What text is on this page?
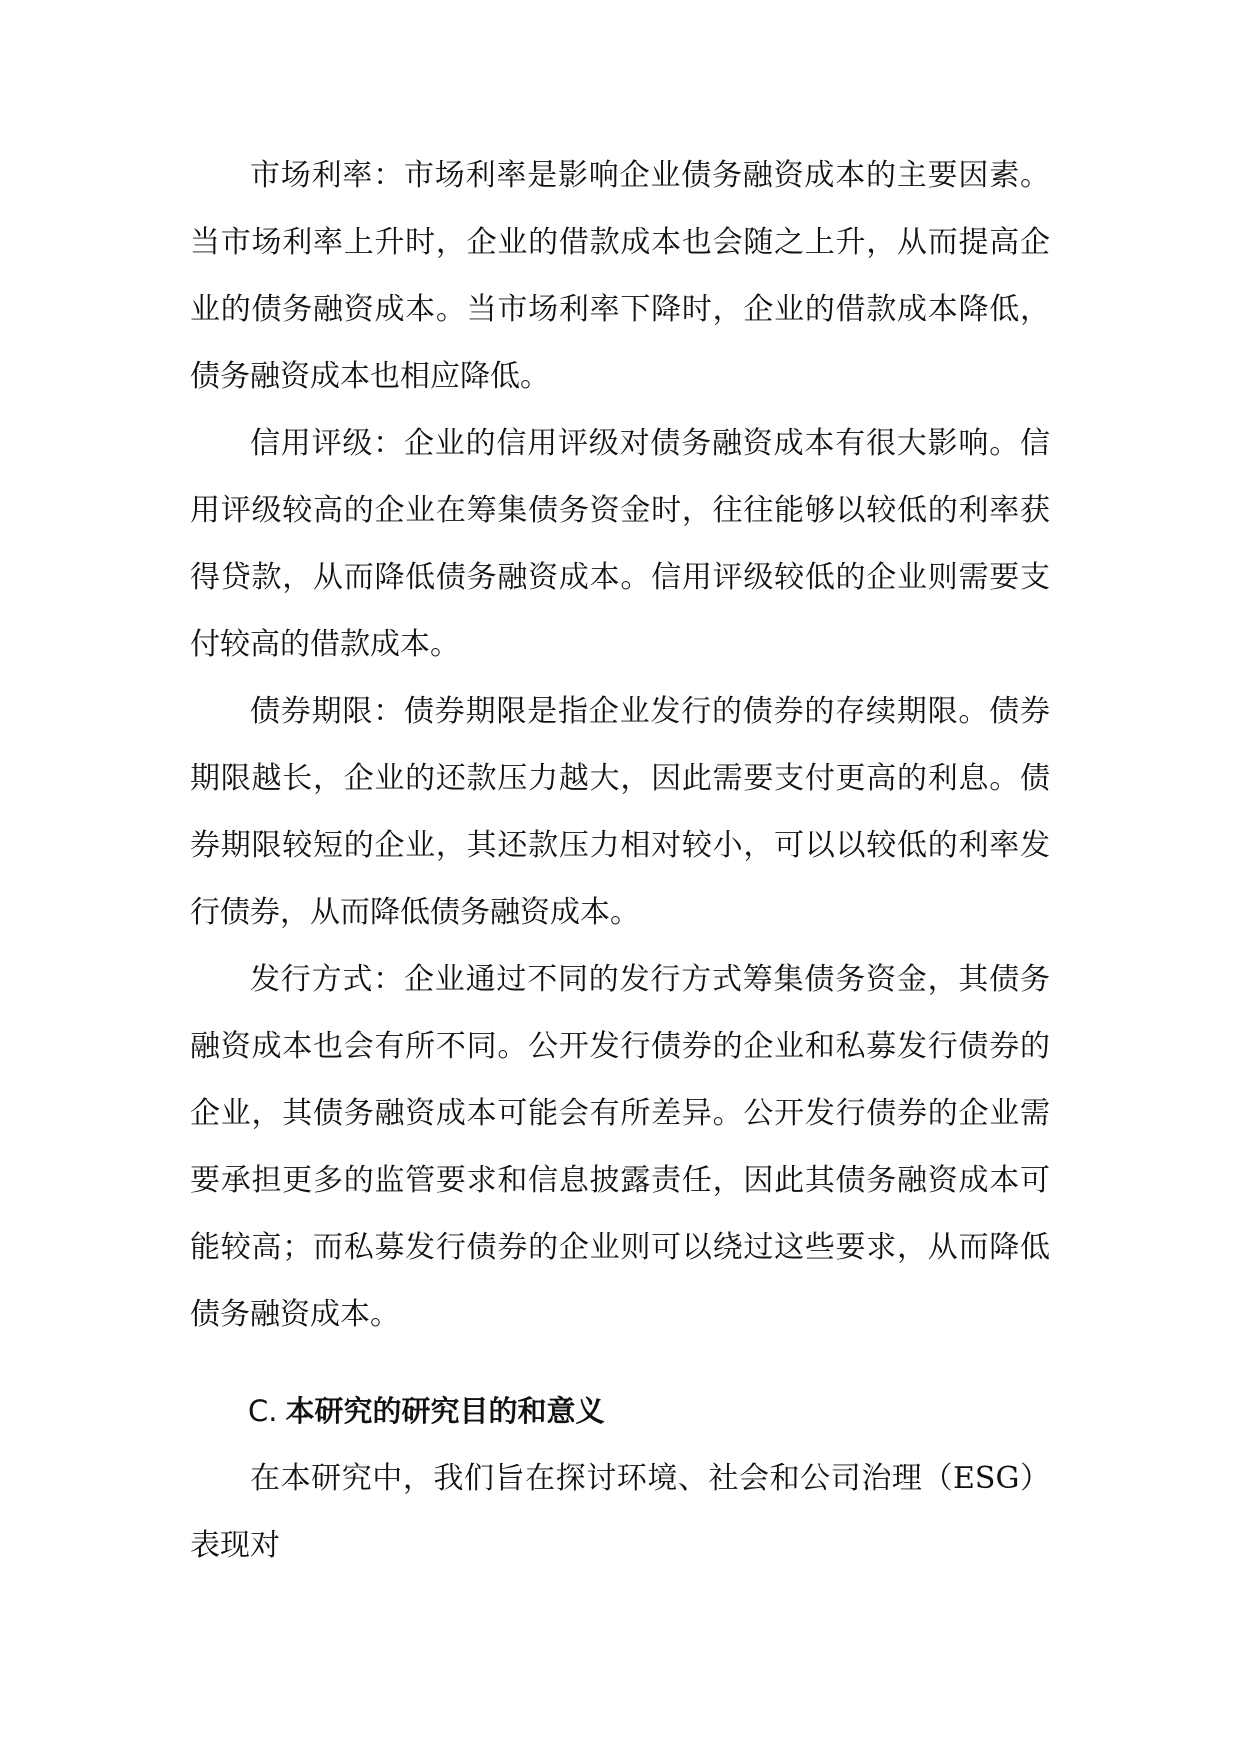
市场利率：市场利率是影响企业债务融资成本的主要因素。当市场利率上升时，企业的借款成本也会随之上升，从而提高企业的债务融资成本。当市场利率下降时，企业的借款成本降低，债务融资成本也相应降低。

信用评级：企业的信用评级对债务融资成本有很大影响。信用评级较高的企业在筹集债务资金时，往往能够以较低的利率获得贷款，从而降低债务融资成本。信用评级较低的企业则需要支付较高的借款成本。

债券期限：债券期限是指企业发行的债券的存续期限。债券期限越长，企业的还款压力越大，因此需要支付更高的利息。债券期限较短的企业，其还款压力相对较小，可以以较低的利率发行债券，从而降低债务融资成本。

发行方式：企业通过不同的发行方式筹集债务资金，其债务融资成本也会有所不同。公开发行债券的企业和私募发行债券的企业，其债务融资成本可能会有所差异。公开发行债券的企业需要承担更多的监管要求和信息披露责任，因此其债务融资成本可能较高；而私募发行债券的企业则可以绕过这些要求，从而降低债务融资成本。

C. 本研究的研究目的和意义

在本研究中，我们旨在探讨环境、社会和公司治理（ESG）表现对
